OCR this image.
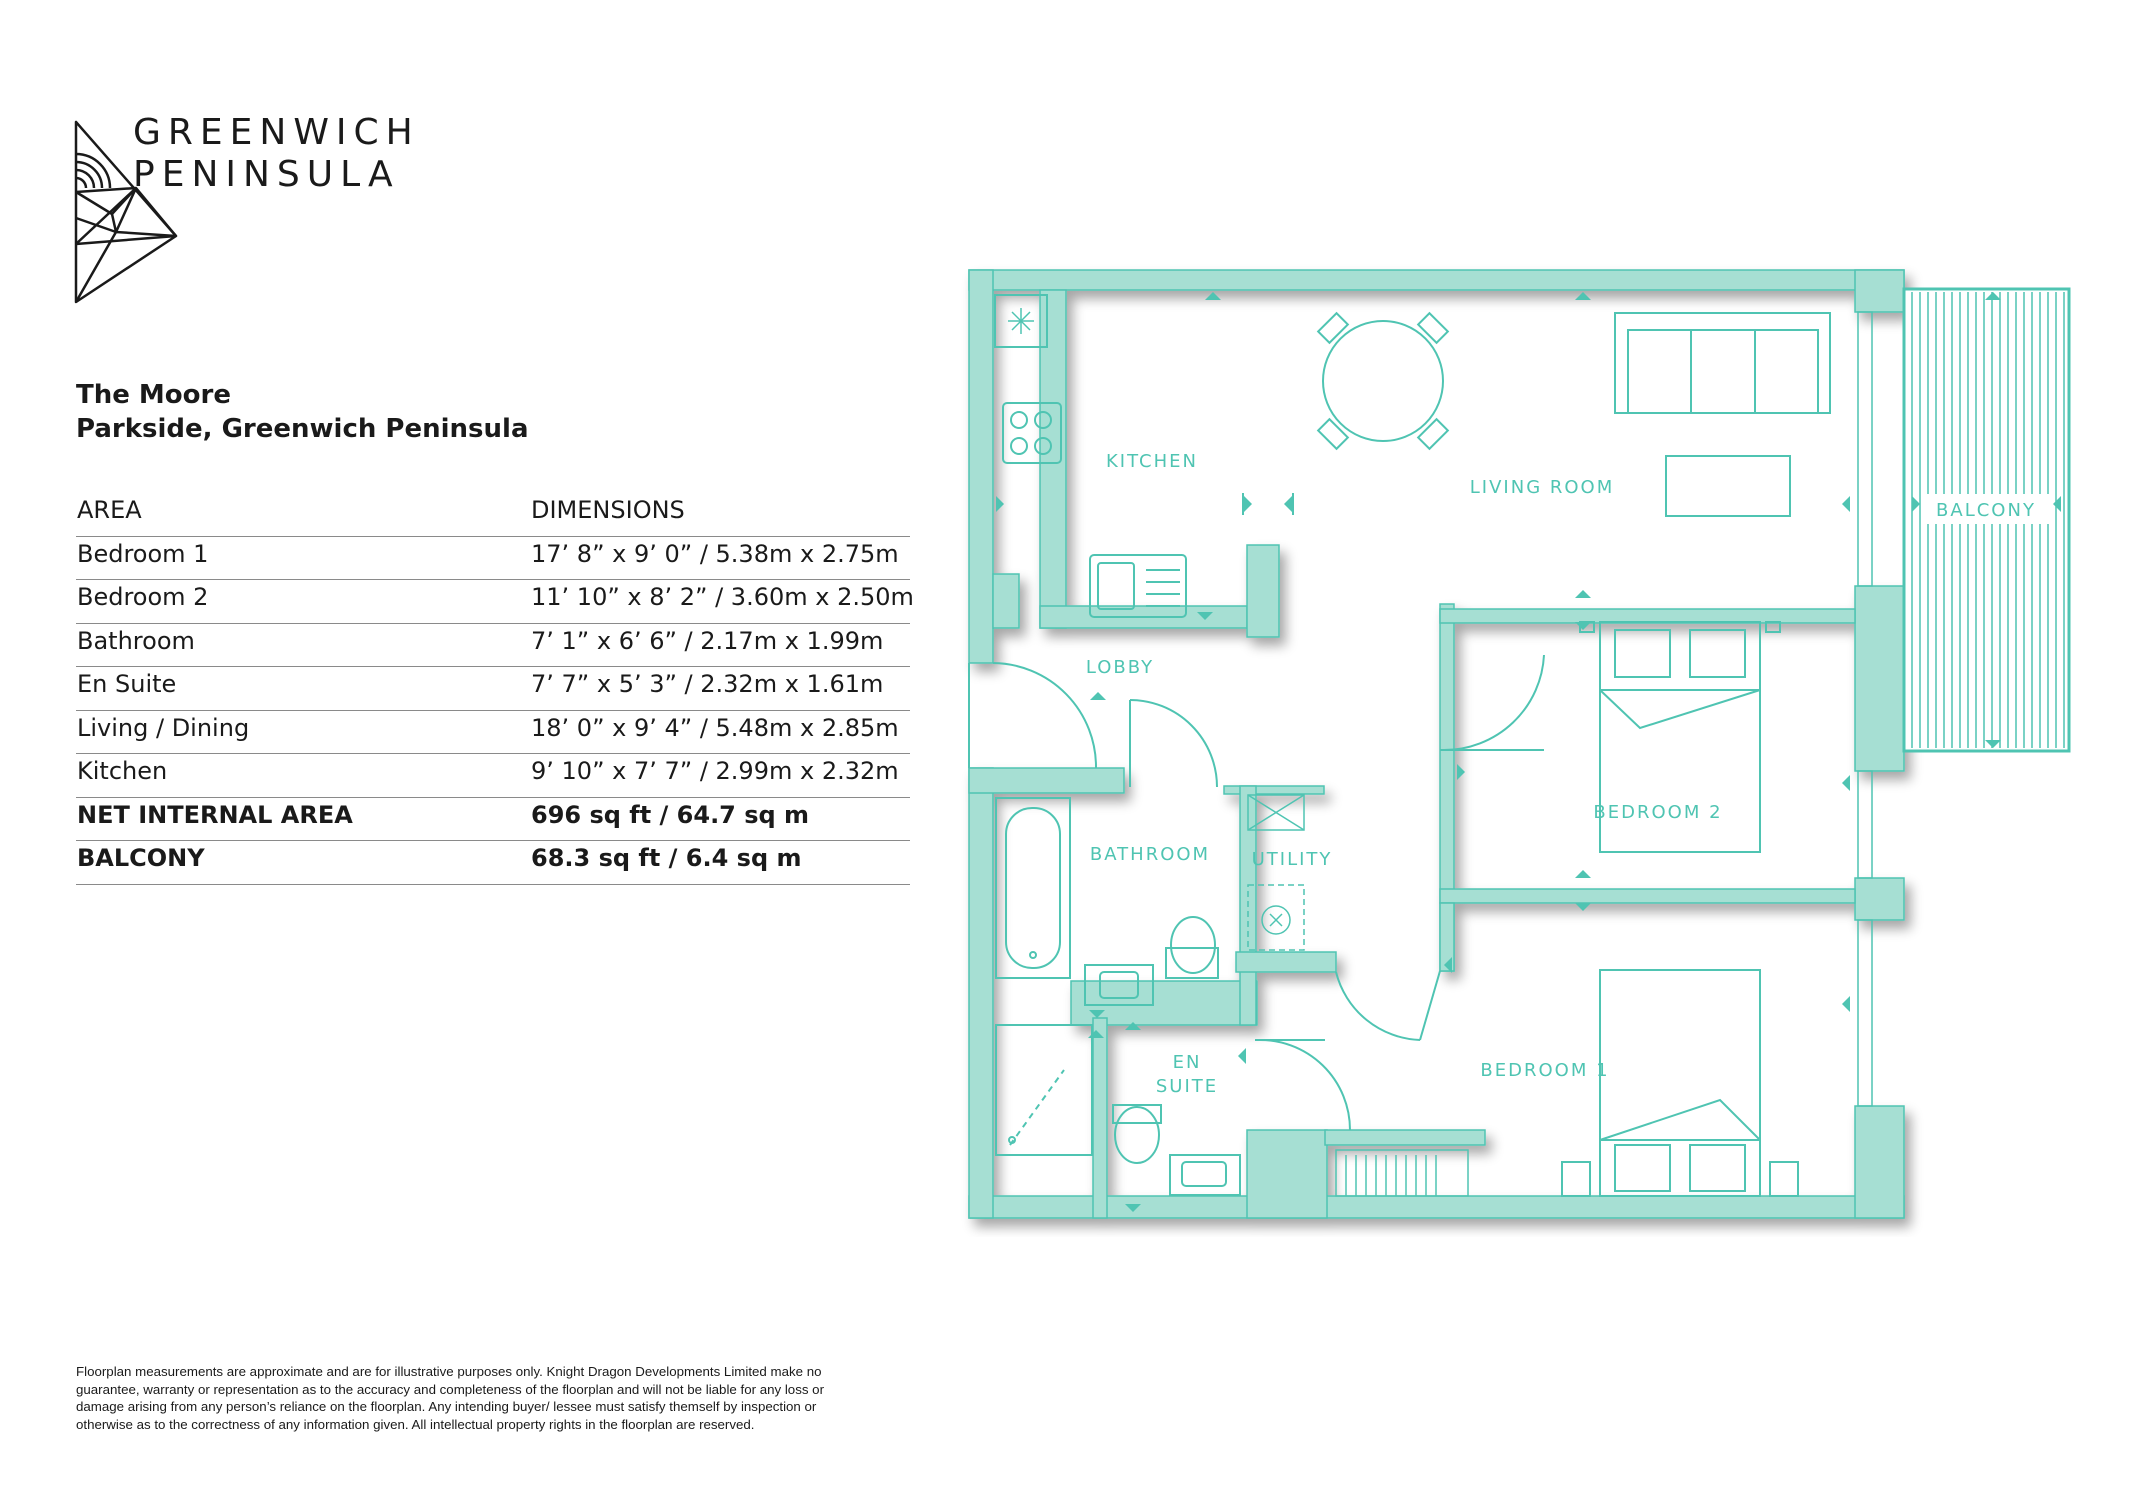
GREENWICH
PENINSULA
The Moore
Parkside, Greenwich Peninsula
AREA	DIMENSIONS
Bedroom 1	17’ 8” x 9’ 0” / 5.38m x 2.75m
Bedroom 2	11’ 10” x 8’ 2” / 3.60m x 2.50m
Bathroom	7’ 1” x 6’ 6” / 2.17m x 1.99m
En Suite	7’ 7” x 5’ 3” / 2.32m x 1.61m
Living / Dining	18’ 0” x 9’ 4” / 5.48m x 2.85m
Kitchen	9’ 10” x 7’ 7” / 2.99m x 2.32m
NET INTERNAL AREA	696 sq ft / 64.7 sq m
BALCONY	68.3 sq ft / 6.4 sq m
KITCHEN
LIVING ROOM
BALCONY
LOBBY
BATHROOM UTILITY
BEDROOM 2
BEDROOM 1
EN
SUITE
Floorplan measurements are approximate and are for illustrative purposes only. Knight Dragon Developments Limited make no guarantee, warranty or representation as to the accuracy and completeness of the floorplan and will not be liable for any loss or damage arising from any person’s reliance on the floorplan. Any intending buyer/ lessee must satisfy themself by inspection or otherwise as to the correctness of any information given. All intellectual property rights in the floorplan are reserved.
